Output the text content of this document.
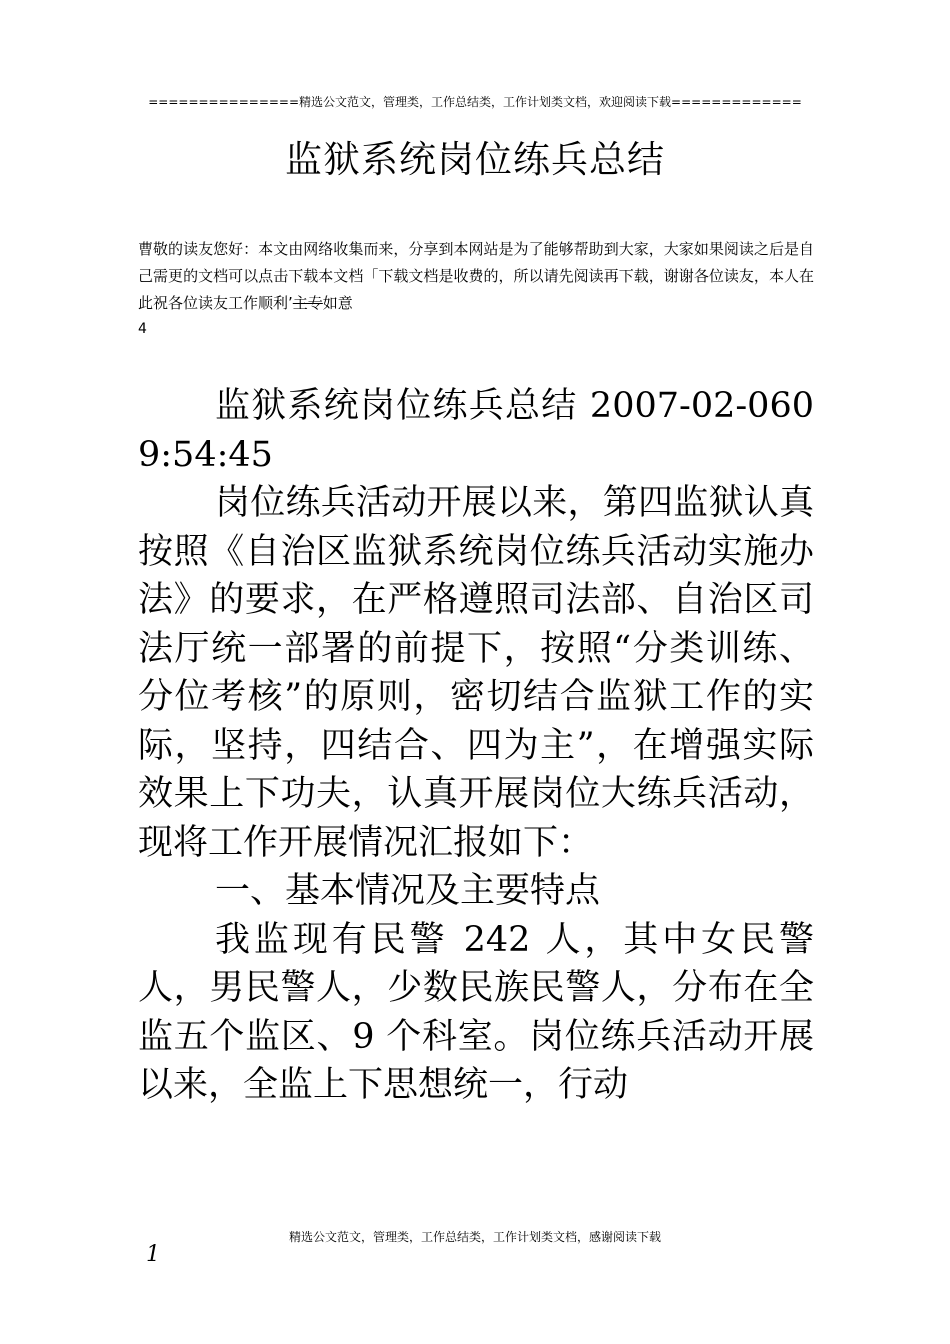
===============精选公文范文，管理类，工作总结类，工作计划类文档，欢迎阅读下载=============
监狱系统岗位练兵总结
曹敬的读友您好：本文由网络收集而来，分享到本网站是为了能够帮助到大家，大家如果阅读之后是自己需更的文档可以点击下载本文档「下载文档是收费的，所以请先阅读再下载，谢谢各位读友，本人在此祝各位读友工作顺利’主专如意
4

监狱系统岗位练兵总结 2007-02-060 9:54:45

岗位练兵活动开展以来，第四监狱认真按照《自治区监狱系统岗位练兵活动实施办法》的要求，在严格遵照司法部、自治区司法厅统一部署的前提下，按照“分类训练、分位考核”的原则，密切结合监狱工作的实际，坚持，四结合、四为主”，在增强实际效果上下功夫，认真开展岗位大练兵活动，现将工作开展情况汇报如下：

一、基本情况及主要特点

我监现有民警 242 人，其中女民警人，男民警人，少数民族民警人，分布在全监五个监区、9 个科室。岗位练兵活动开展以来，全监上下思想统一，行动

精选公文范文，管理类，工作总结类，工作计划类文档，感谢阅读下载
1
